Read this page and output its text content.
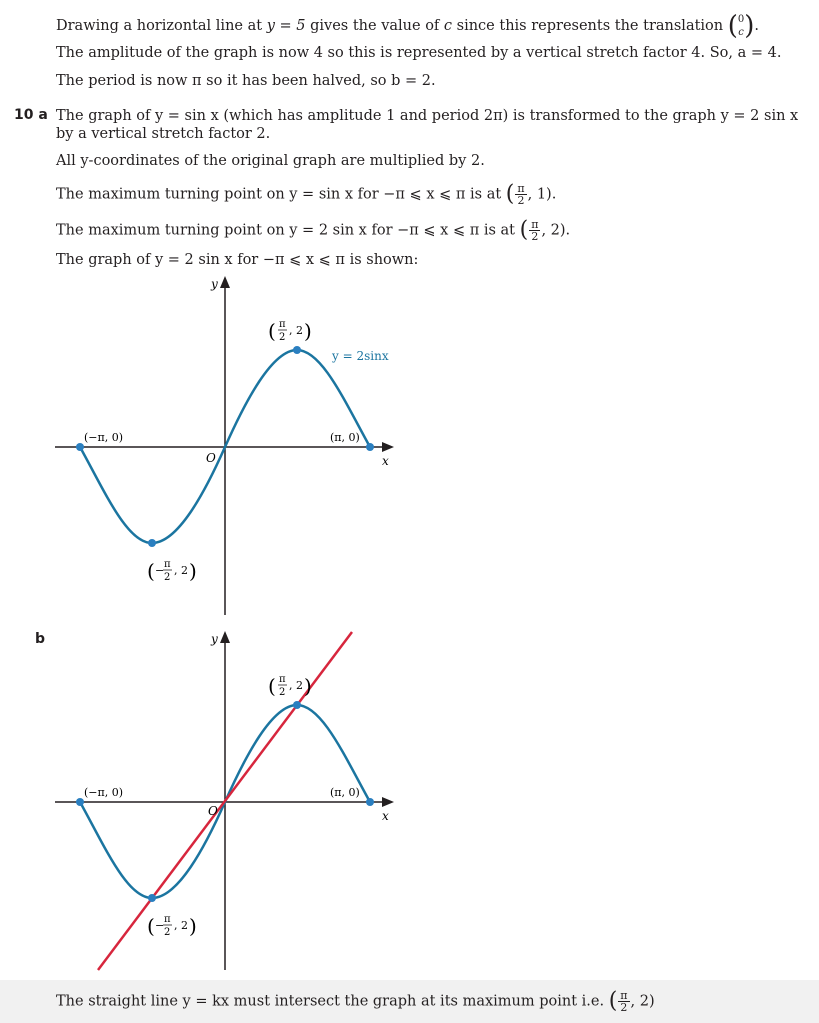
Drawing a horizontal line at y = 5 gives the value of c since this represents the translation ( 0
c ).
The amplitude of the graph is now 4 so this is represented by a vertical stretch factor 4. So, a = 4.
The period is now π so it has been halved, so b = 2.
10 a The graph of y = sin x (which has amplitude 1 and period 2π) is transformed to the graph y = 2 sin x by a vertical stretch factor 2.
All y-coordinates of the original graph are multiplied by 2.
The maximum turning point on y = sin x for −π ⩽ x ⩽ π is at ( $\frac{\pi}{2}$ , 1).
The maximum turning point on y = 2 sin x for −π ⩽ x ⩽ π is at ( $\frac{\pi}{2}$ , 2).
The graph of y = 2 sin x for −π ⩽ x ⩽ π is shown:
y
x
O
y = 2sinx
(−π, 0)	(π, 0)
( π
2
, 2 )
( − π
2
, 2 )
b	y
x
O
(−π, 0)	(π, 0)
( π
2
, 2 )
( − π
2
, 2 )
The straight line y = kx must intersect the graph at its maximum point i.e. ( $\frac{\pi}{2}$ , 2)
